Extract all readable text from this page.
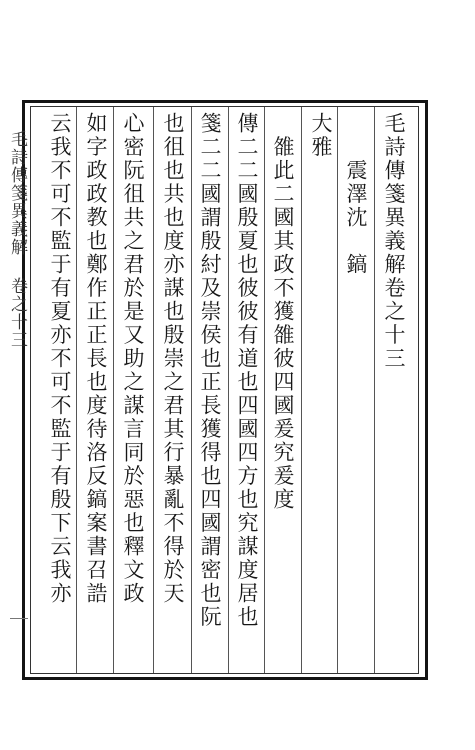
毛詩傳箋異義解卷之十三
大雅 　　震澤沈　鎬
　雒此二國其政不獲雒彼四國爰究爰度
傳二二國殷夏也彼彼有道也四國四方也究謀度居也
箋二二國謂殷紂及崇侯也正長獲得也四國謂密也阮
也徂也共也度亦謀也殷崇之君其行暴亂不得於天
心密阮徂共之君於是又助之謀言同於惡也釋文政
如字政政教也鄭作正正長也度待洛反鎬案書召誥
云我不可不監于有夏亦不可不監于有殷下云我亦
毛詩傳箋異義解 卷之十三
